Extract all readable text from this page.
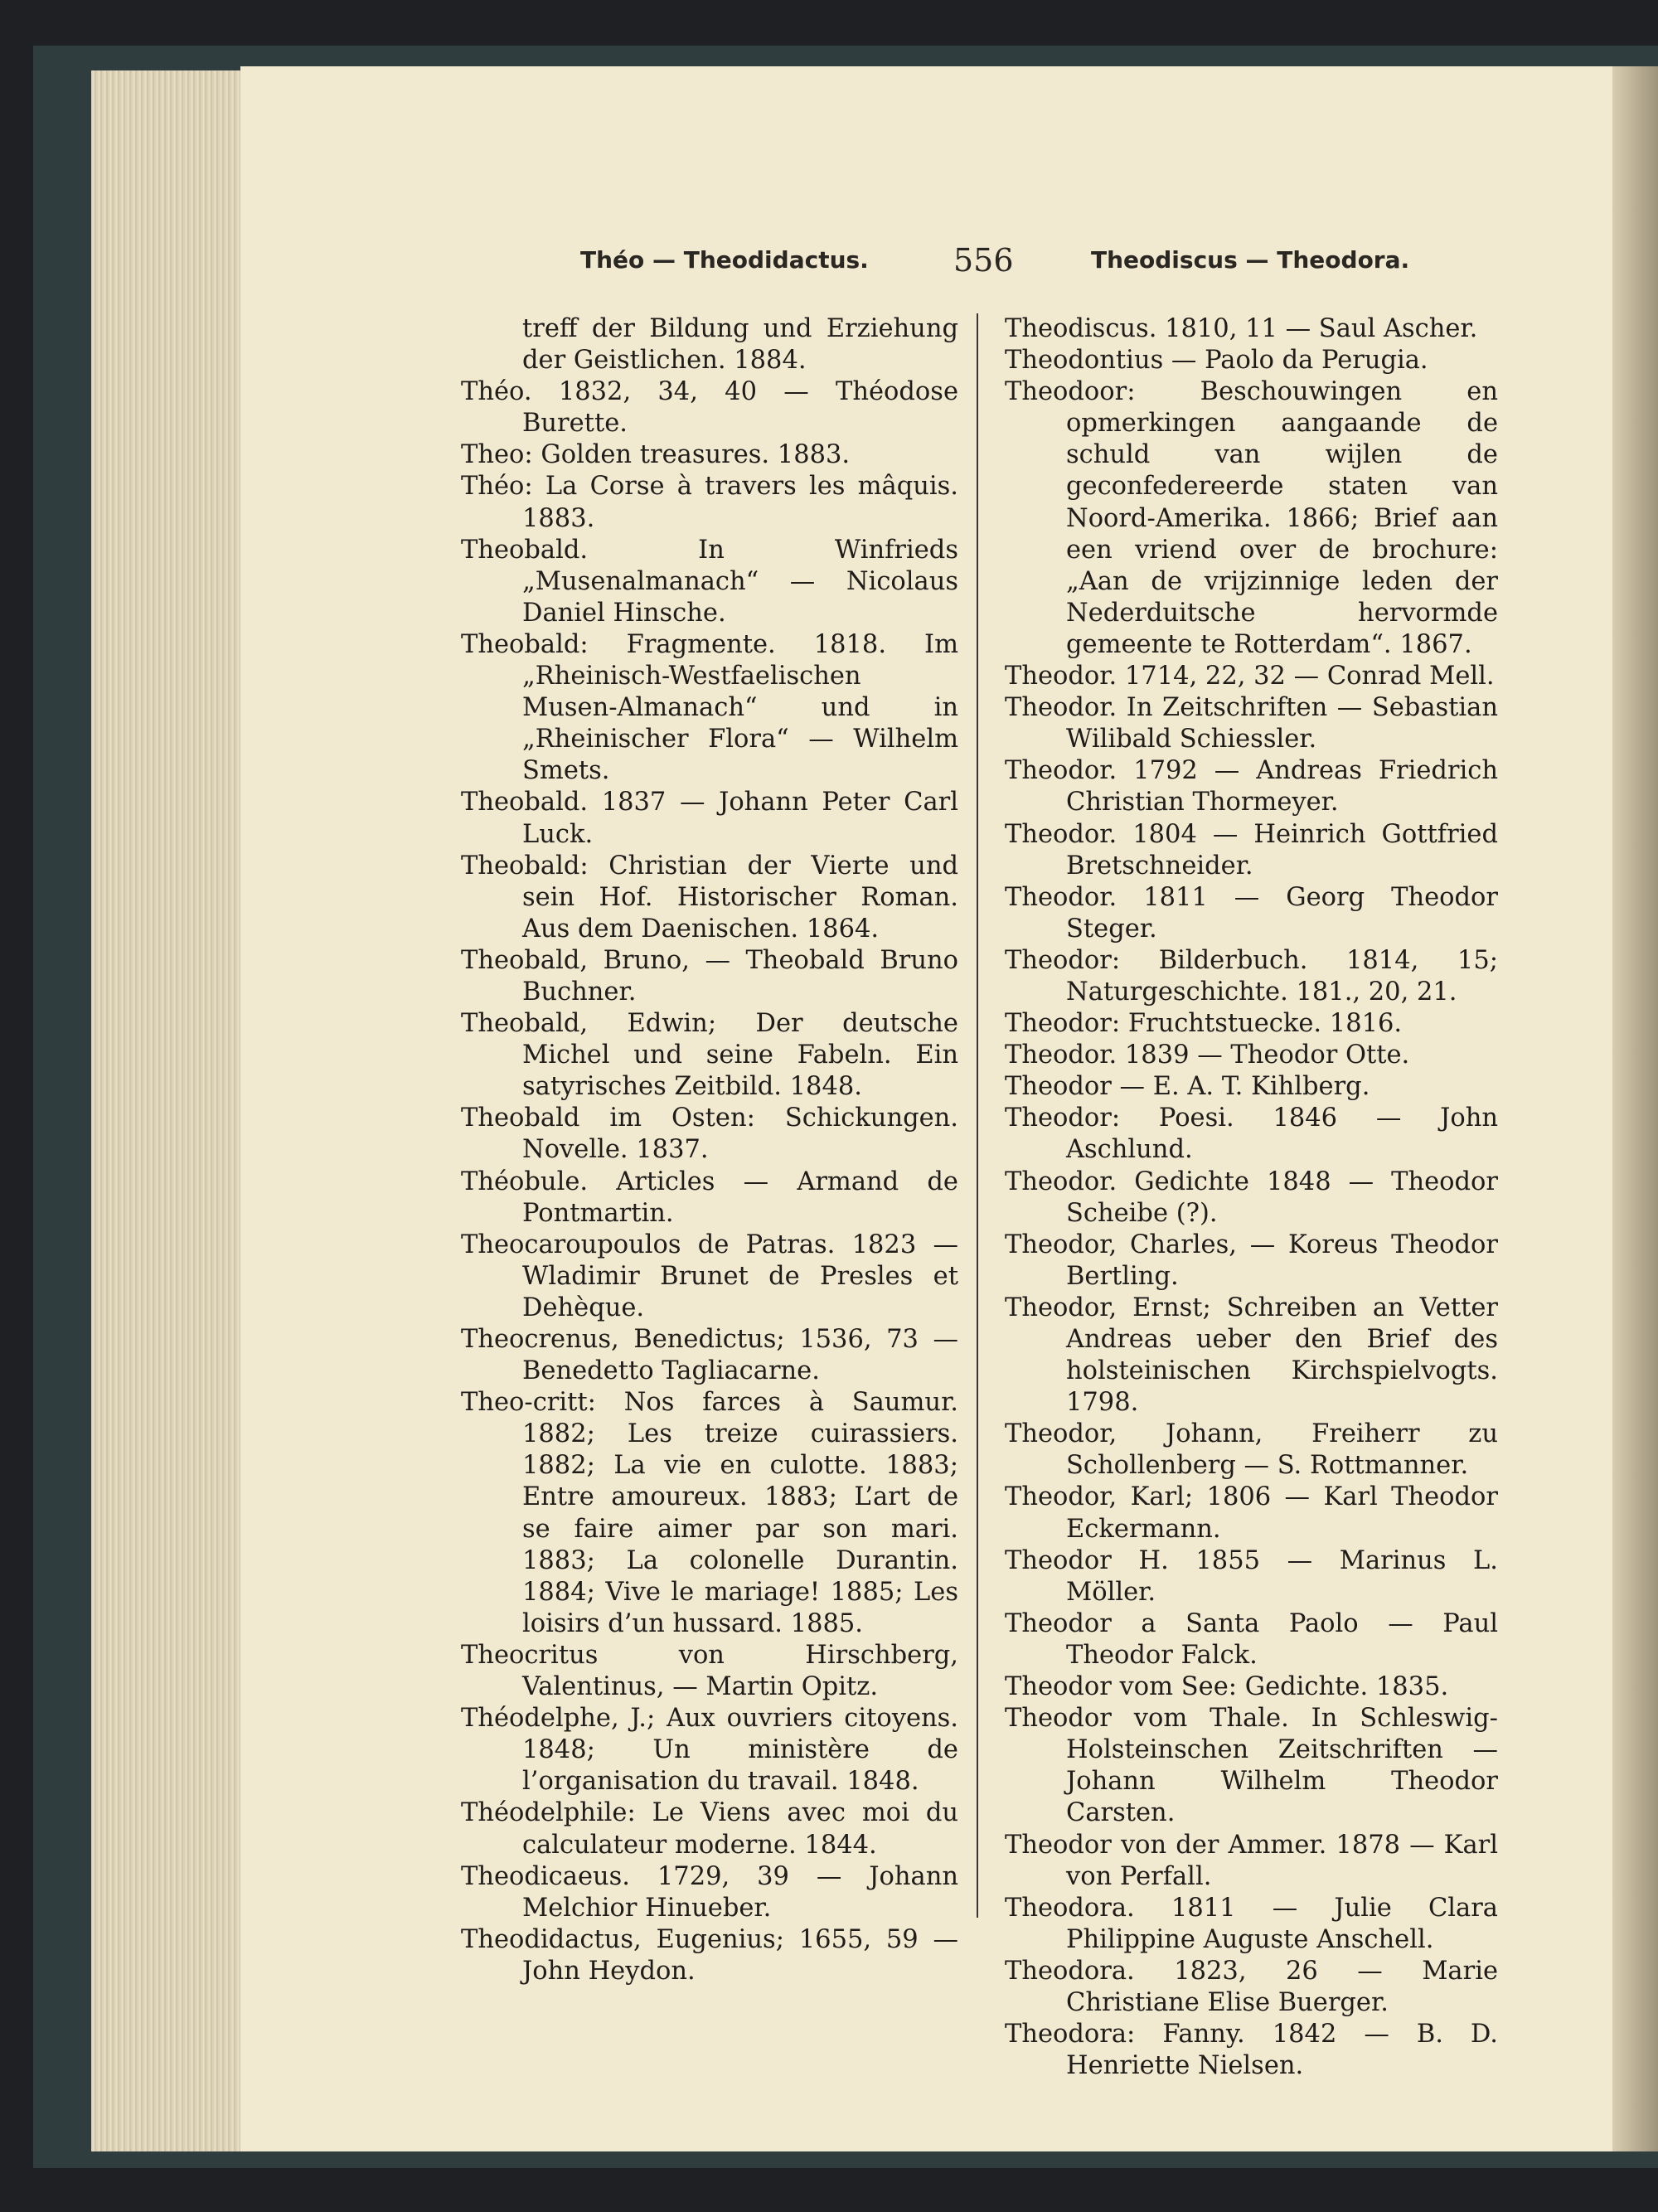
Théo — Theodidactus.	556	Theodiscus — Theodora.

treff der Bildung und Erziehung der Geistlichen. 1884.

Théo. 1832, 34, 40 — Théodose Burette.

Theo: Golden treasures. 1883.

Théo: La Corse à travers les mâquis. 1883.

Theobald. In Winfrieds „Musenalmanach“ — Nicolaus Daniel Hinsche.

Theobald: Fragmente. 1818. Im „Rheinisch-Westfaelischen Musen-Almanach“ und in „Rheinischer Flora“ — Wilhelm Smets.

Theobald. 1837 — Johann Peter Carl Luck.

Theobald: Christian der Vierte und sein Hof. Historischer Roman. Aus dem Daenischen. 1864.

Theobald, Bruno, — Theobald Bruno Buchner.

Theobald, Edwin; Der deutsche Michel und seine Fabeln. Ein satyrisches Zeitbild. 1848.

Theobald im Osten: Schickungen. Novelle. 1837.

Théobule. Articles — Armand de Pontmartin.

Theocaroupoulos de Patras. 1823 — Wladimir Brunet de Presles et Dehèque.

Theocrenus, Benedictus; 1536, 73 — Benedetto Tagliacarne.

Theo-critt: Nos farces à Saumur. 1882; Les treize cuirassiers. 1882; La vie en culotte. 1883; Entre amoureux. 1883; L’art de se faire aimer par son mari. 1883; La colonelle Durantin. 1884; Vive le mariage! 1885; Les loisirs d’un hussard. 1885.

Theocritus von Hirschberg, Valentinus, — Martin Opitz.

Théodelphe, J.; Aux ouvriers citoyens. 1848; Un ministère de l’organisation du travail. 1848.

Théodelphile: Le Viens avec moi du calculateur moderne. 1844.

Theodicaeus. 1729, 39 — Johann Melchior Hinueber.

Theodidactus, Eugenius; 1655, 59 — John Heydon.

Theodiscus. 1810, 11 — Saul Ascher.

Theodontius — Paolo da Perugia.

Theodoor: Beschouwingen en opmerkingen aangaande de schuld van wijlen de geconfedereerde staten van Noord-Amerika. 1866; Brief aan een vriend over de brochure: „Aan de vrijzinnige leden der Nederduitsche hervormde gemeente te Rotterdam“. 1867.

Theodor. 1714, 22, 32 — Conrad Mell.

Theodor. In Zeitschriften — Sebastian Wilibald Schiessler.

Theodor. 1792 — Andreas Friedrich Christian Thormeyer.

Theodor. 1804 — Heinrich Gottfried Bretschneider.

Theodor. 1811 — Georg Theodor Steger.

Theodor: Bilderbuch. 1814, 15; Naturgeschichte. 181., 20, 21.

Theodor: Fruchtstuecke. 1816.

Theodor. 1839 — Theodor Otte.

Theodor — E. A. T. Kihlberg.

Theodor: Poesi. 1846 — John Aschlund.

Theodor. Gedichte 1848 — Theodor Scheibe (?).

Theodor, Charles, — Koreus Theodor Bertling.

Theodor, Ernst; Schreiben an Vetter Andreas ueber den Brief des holsteinischen Kirchspielvogts. 1798.

Theodor, Johann, Freiherr zu Schollenberg — S. Rottmanner.

Theodor, Karl; 1806 — Karl Theodor Eckermann.

Theodor H. 1855 — Marinus L. Möller.

Theodor a Santa Paolo — Paul Theodor Falck.

Theodor vom See: Gedichte. 1835.

Theodor vom Thale. In Schleswig-Holsteinschen Zeitschriften — Johann Wilhelm Theodor Carsten.

Theodor von der Ammer. 1878 — Karl von Perfall.

Theodora. 1811 — Julie Clara Philippine Auguste Anschell.

Theodora. 1823, 26 — Marie Christiane Elise Buerger.

Theodora: Fanny. 1842 — B. D. Henriette Nielsen.
